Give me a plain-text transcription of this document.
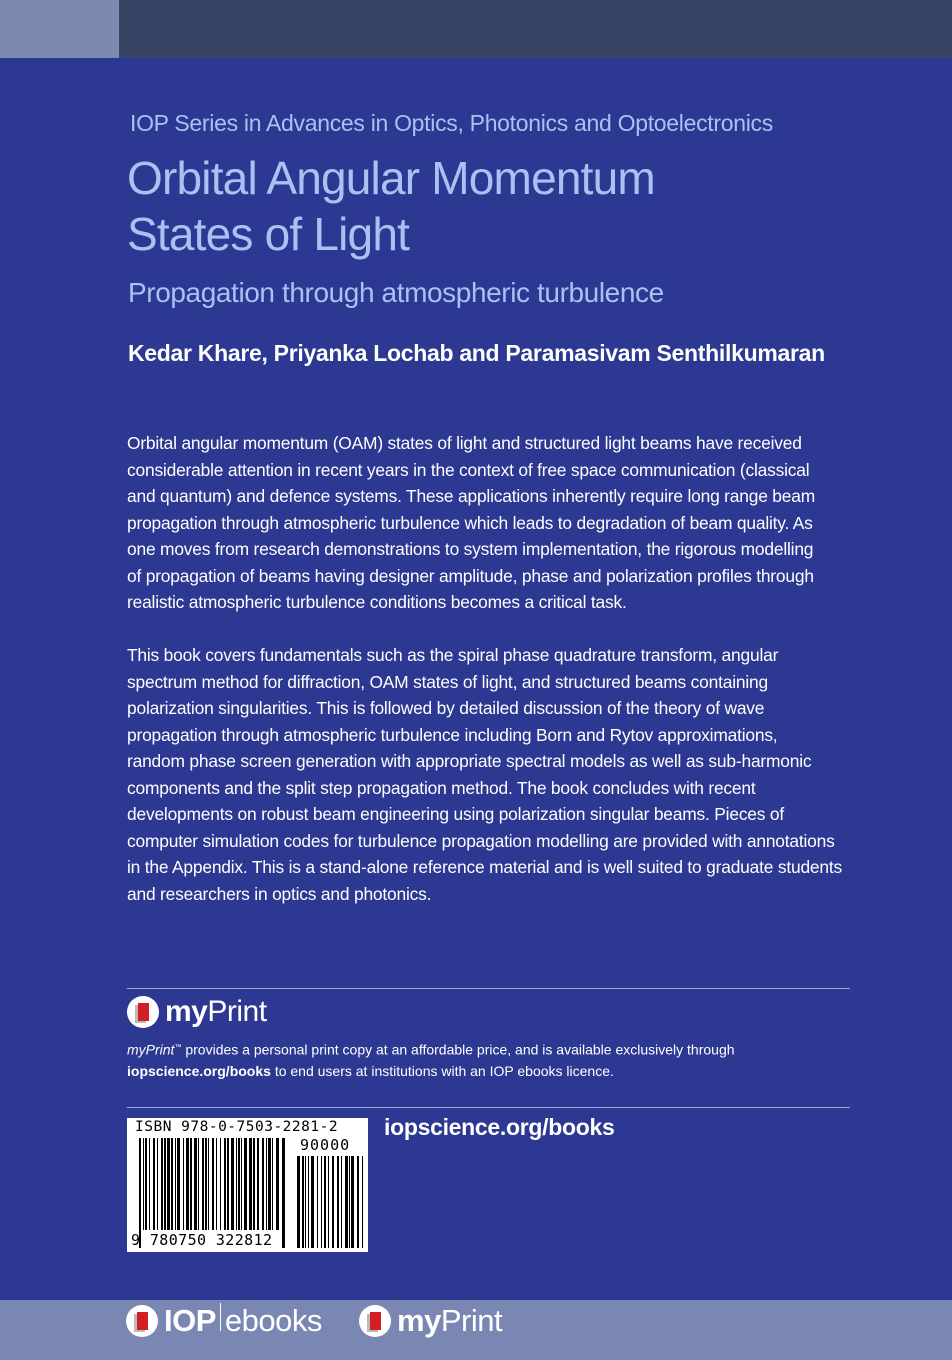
IOP Series in Advances in Optics, Photonics and Optoelectronics
Orbital Angular Momentum
States of Light
Propagation through atmospheric turbulence
Kedar Khare, Priyanka Lochab and Paramasivam Senthilkumaran
Orbital angular momentum (OAM) states of light and structured light beams have received
considerable attention in recent years in the context of free space communication (classical
and quantum) and defence systems. These applications inherently require long range beam
propagation through atmospheric turbulence which leads to degradation of beam quality. As
one moves from research demonstrations to system implementation, the rigorous modelling
of propagation of beams having designer amplitude, phase and polarization profiles through
realistic atmospheric turbulence conditions becomes a critical task.
This book covers fundamentals such as the spiral phase quadrature transform, angular
spectrum method for diffraction, OAM states of light, and structured beams containing
polarization singularities. This is followed by detailed discussion of the theory of wave
propagation through atmospheric turbulence including Born and Rytov approximations,
random phase screen generation with appropriate spectral models as well as sub-harmonic
components and the split step propagation method. The book concludes with recent
developments on robust beam engineering using polarization singular beams. Pieces of
computer simulation codes for turbulence propagation modelling are provided with annotations
in the Appendix. This is a stand-alone reference material and is well suited to graduate students
and researchers in optics and photonics.
myPrint
myPrint™ provides a personal print copy at an affordable price, and is available exclusively through
iopscience.org/books to end users at institutions with an IOP ebooks licence.
ISBN 978-0-7503-2281-2
90000
9 780750 322812
iopscience.org/books
IOP ebooks myPrint
